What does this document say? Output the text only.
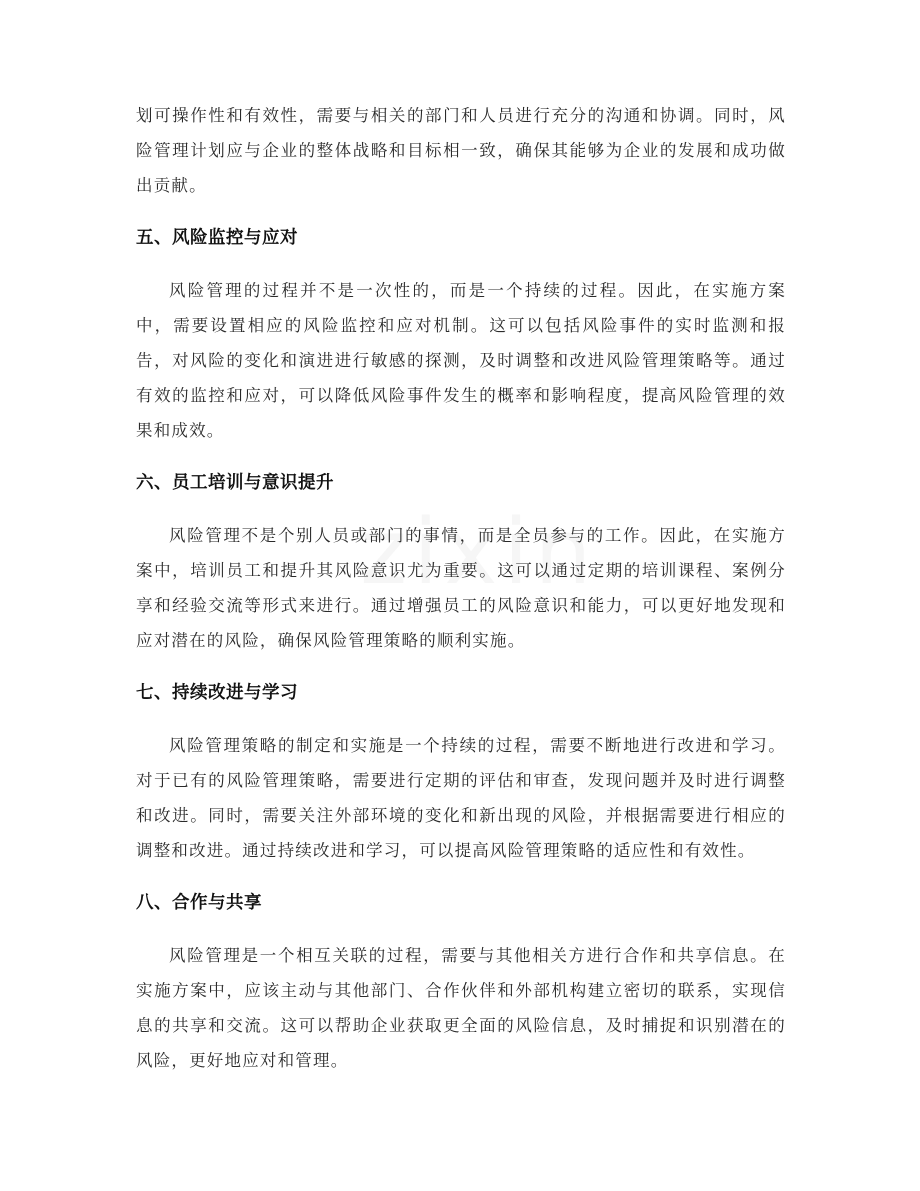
划可操作性和有效性，需要与相关的部门和人员进行充分的沟通和协调。同时，风险管理计划应与企业的整体战略和目标相一致，确保其能够为企业的发展和成功做出贡献。

五、风险监控与应对

风险管理的过程并不是一次性的，而是一个持续的过程。因此，在实施方案中，需要设置相应的风险监控和应对机制。这可以包括风险事件的实时监测和报告，对风险的变化和演进进行敏感的探测，及时调整和改进风险管理策略等。通过有效的监控和应对，可以降低风险事件发生的概率和影响程度，提高风险管理的效果和成效。

六、员工培训与意识提升

风险管理不是个别人员或部门的事情，而是全员参与的工作。因此，在实施方案中，培训员工和提升其风险意识尤为重要。这可以通过定期的培训课程、案例分享和经验交流等形式来进行。通过增强员工的风险意识和能力，可以更好地发现和应对潜在的风险，确保风险管理策略的顺利实施。

七、持续改进与学习

风险管理策略的制定和实施是一个持续的过程，需要不断地进行改进和学习。对于已有的风险管理策略，需要进行定期的评估和审查，发现问题并及时进行调整和改进。同时，需要关注外部环境的变化和新出现的风险，并根据需要进行相应的调整和改进。通过持续改进和学习，可以提高风险管理策略的适应性和有效性。

八、合作与共享

风险管理是一个相互关联的过程，需要与其他相关方进行合作和共享信息。在实施方案中，应该主动与其他部门、合作伙伴和外部机构建立密切的联系，实现信息的共享和交流。这可以帮助企业获取更全面的风险信息，及时捕捉和识别潜在的风险，更好地应对和管理。
